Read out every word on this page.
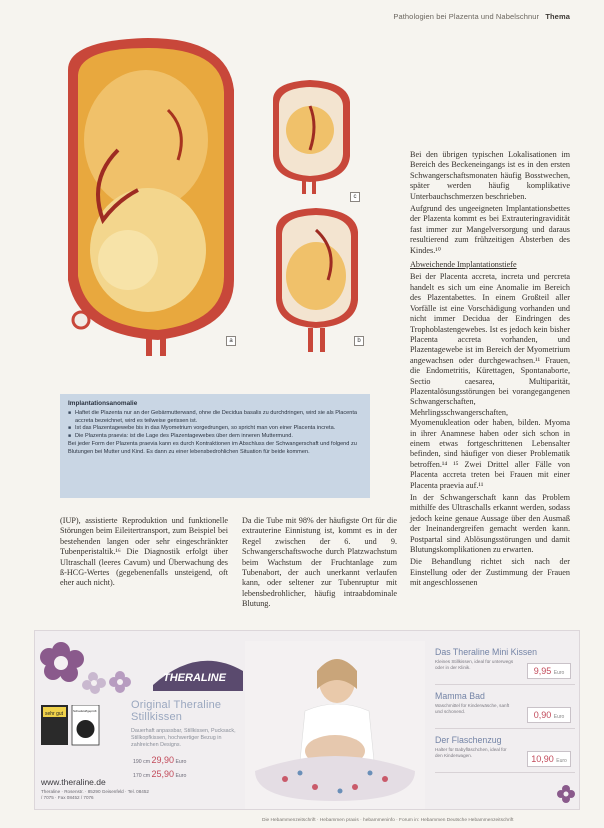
Pathologien bei Plazenta und Nabelschnur Thema
c
a	b

Bei den übrigen typischen Lokalisationen im Bereich des Beckeneingangs ist es in den ersten Schwangerschaftsmonaten häufig Bosstwechen, später werden häufig komplikative Unterbauchschmerzen beschrieben.

Aufgrund des ungeeigneten Implantationsbettes der Plazenta kommt es bei Extrauteringravidität fast immer zur Mangelversorgung und daraus resultierend zum frühzeitigen Absterben des Kindes.¹⁰

Abweichende Implantationstiefe

Bei der Placenta accreta, increta und percreta handelt es sich um eine Anomalie im Bereich des Plazentabettes. In einem Großteil aller Vorfälle ist eine Vorschädigung vorhanden und nicht immer Decidua der Eindringen des Trophoblastengewebes. Ist es jedoch kein bisher Placenta accreta vorhanden, und Plazentagewebe ist im Bereich der Myometrium angewachsen oder durchgewachsen.¹¹ Frauen, die Endometritis, Kürettagen, Spontanaborte, Sectio caesarea, Multiparität, Plazentalösungsstörungen bei vorangegangenen Schwangerschaften, Mehrlingsschwangerschaften, Myomenukleation oder haben, bilden. Myoma in ihrer Anamnese haben oder sich schon in einem etwas fortgeschrittenen Lebensalter befinden, sind häufiger von dieser Problematik betroffen.¹⁴ ¹⁵ Zwei Drittel aller Fälle von Placenta accreta treten bei Frauen mit einer Placenta praevia auf.¹¹

In der Schwangerschaft kann das Problem mithilfe des Ultraschalls erkannt werden, sodass jedoch keine genaue Aussage über den Ausmaß der Ineinandergreifen gemacht werden kann. Postpartal sind Ablösungsstörungen und damit Blutungskomplikationen zu erwarten.

Die Behandlung richtet sich nach der Einstellung oder der Zustimmung der Frauen mit angeschlossenen

Implantationsanomalie
■ Haftet die Plazenta nur an der Gebärmutterwand, ohne die Decidua basalis zu durchdringen, wird sie als Placenta accreta bezeichnet, wird es teilweise gerissen ist.
■ Ist das Plazentagewebe bis in das Myometrium vorgedrungen, so spricht man von einer Placenta increta.
■ Die Plazenta praevia: ist die Lage des Plazentagewebes über dem inneren Muttermund.
Bei jeder Form der Plazenta praevia kann es durch Kontraktionen im Abschluss der Schwangerschaft und folgend zu Blutungen bei Mutter und Kind. Es dann zu einer lebensbedrohlichen Situation für beide kommen.
(IUP), assistierte Reproduktion und funktionelle Störungen beim Eileitertransport, zum Beispiel bei bestehenden langen oder sehr eingeschränkter Tubenperistaltik.¹⁶ Die Diagnostik erfolgt über Ultraschall (leeres Cavum) und Überwachung des ß-HCG-Wertes (gegebenenfalls unsteigend, oft eher auch nicht).
Da die Tube mit 98% der häufigste Ort für die extrauterine Einnistung ist, kommt es in der Regel zwischen der 6. und 9. Schwangerschaftswoche durch Platzwachstum beim Wachstum der Fruchtanlage zum Tubenabort, der auch unerkannt verlaufen kann, oder seltener zur Tubenruptur mit lebensbedrohlicher, häufig intraabdominale Blutung.
THERALINE
Original Theraline Stillkissen
Dauerhaft anpassbar, Stillkissen, Pucksack, Stillkopfkissen, hochwertiger Bezug in zahlreichen Designs.
190 cm 29,90 Euro
170 cm 25,90 Euro
sehr gut	Schadstoffgeprüft
www.theraline.de
Theraline · Rosenstr. · 85290 Geisenfeld · Tel. 08452 / 7075 · Fax 08452 / 7076
Das Theraline Mini Kissen
Kleines Stillkissen, ideal für unterwegs oder in der Klinik.	9,95 Euro
Mamma Bad
Waschmittel für Kinderwäsche, sanft und schonend.	0,90 Euro
Der Flaschenzug
Halter für Babyfläschchen, ideal für den Kinderwagen.	10,90 Euro
Die Hebammenzeitschrift · Hebammen praxis · hebammeninfo · Forum in: Hebammen Deutsche Hebammenzeitschrift
